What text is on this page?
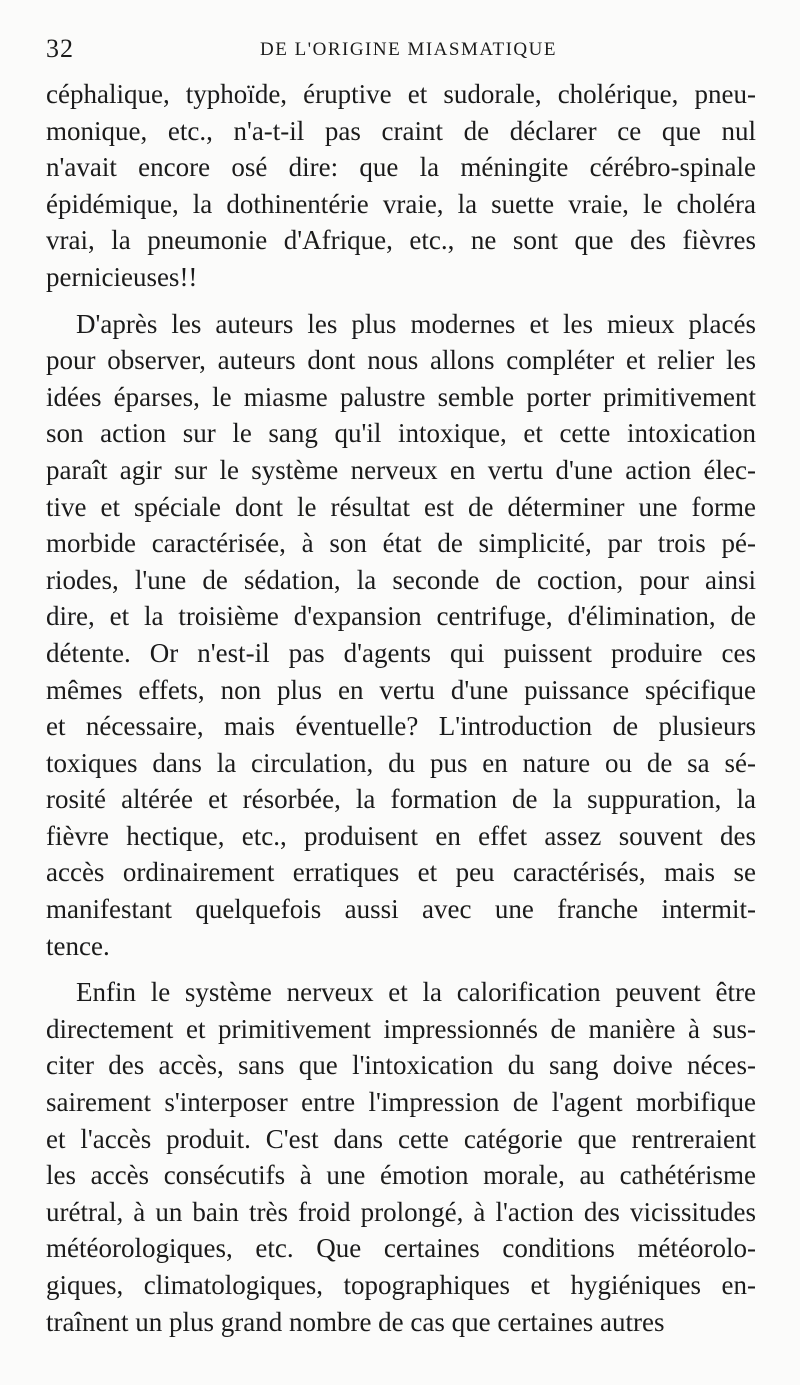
32	DE L'ORIGINE MIASMATIQUE
céphalique, typhoïde, éruptive et sudorale, cholérique, pneu-
monique, etc., n'a-t-il pas craint de déclarer ce que nul
n'avait encore osé dire: que la méningite cérébro-spinale
épidémique, la dothinentérie vraie, la suette vraie, le choléra
vrai, la pneumonie d'Afrique, etc., ne sont que des fièvres
pernicieuses!!
D'après les auteurs les plus modernes et les mieux placés
pour observer, auteurs dont nous allons compléter et relier les
idées éparses, le miasme palustre semble porter primitivement
son action sur le sang qu'il intoxique, et cette intoxication
paraît agir sur le système nerveux en vertu d'une action élec-
tive et spéciale dont le résultat est de déterminer une forme
morbide caractérisée, à son état de simplicité, par trois pé-
riodes, l'une de sédation, la seconde de coction, pour ainsi
dire, et la troisième d'expansion centrifuge, d'élimination, de
détente. Or n'est-il pas d'agents qui puissent produire ces
mêmes effets, non plus en vertu d'une puissance spécifique
et nécessaire, mais éventuelle? L'introduction de plusieurs
toxiques dans la circulation, du pus en nature ou de sa sé-
rosité altérée et résorbée, la formation de la suppuration, la
fièvre hectique, etc., produisent en effet assez souvent des
accès ordinairement erratiques et peu caractérisés, mais se
manifestant quelquefois aussi avec une franche intermit-
tence.
Enfin le système nerveux et la calorification peuvent être
directement et primitivement impressionnés de manière à sus-
citer des accès, sans que l'intoxication du sang doive néces-
sairement s'interposer entre l'impression de l'agent morbifique
et l'accès produit. C'est dans cette catégorie que rentreraient
les accès consécutifs à une émotion morale, au cathétérisme
urétral, à un bain très froid prolongé, à l'action des vicissitudes
météorologiques, etc. Que certaines conditions météorolo-
giques, climatologiques, topographiques et hygiéniques en-
traînent un plus grand nombre de cas que certaines autres
